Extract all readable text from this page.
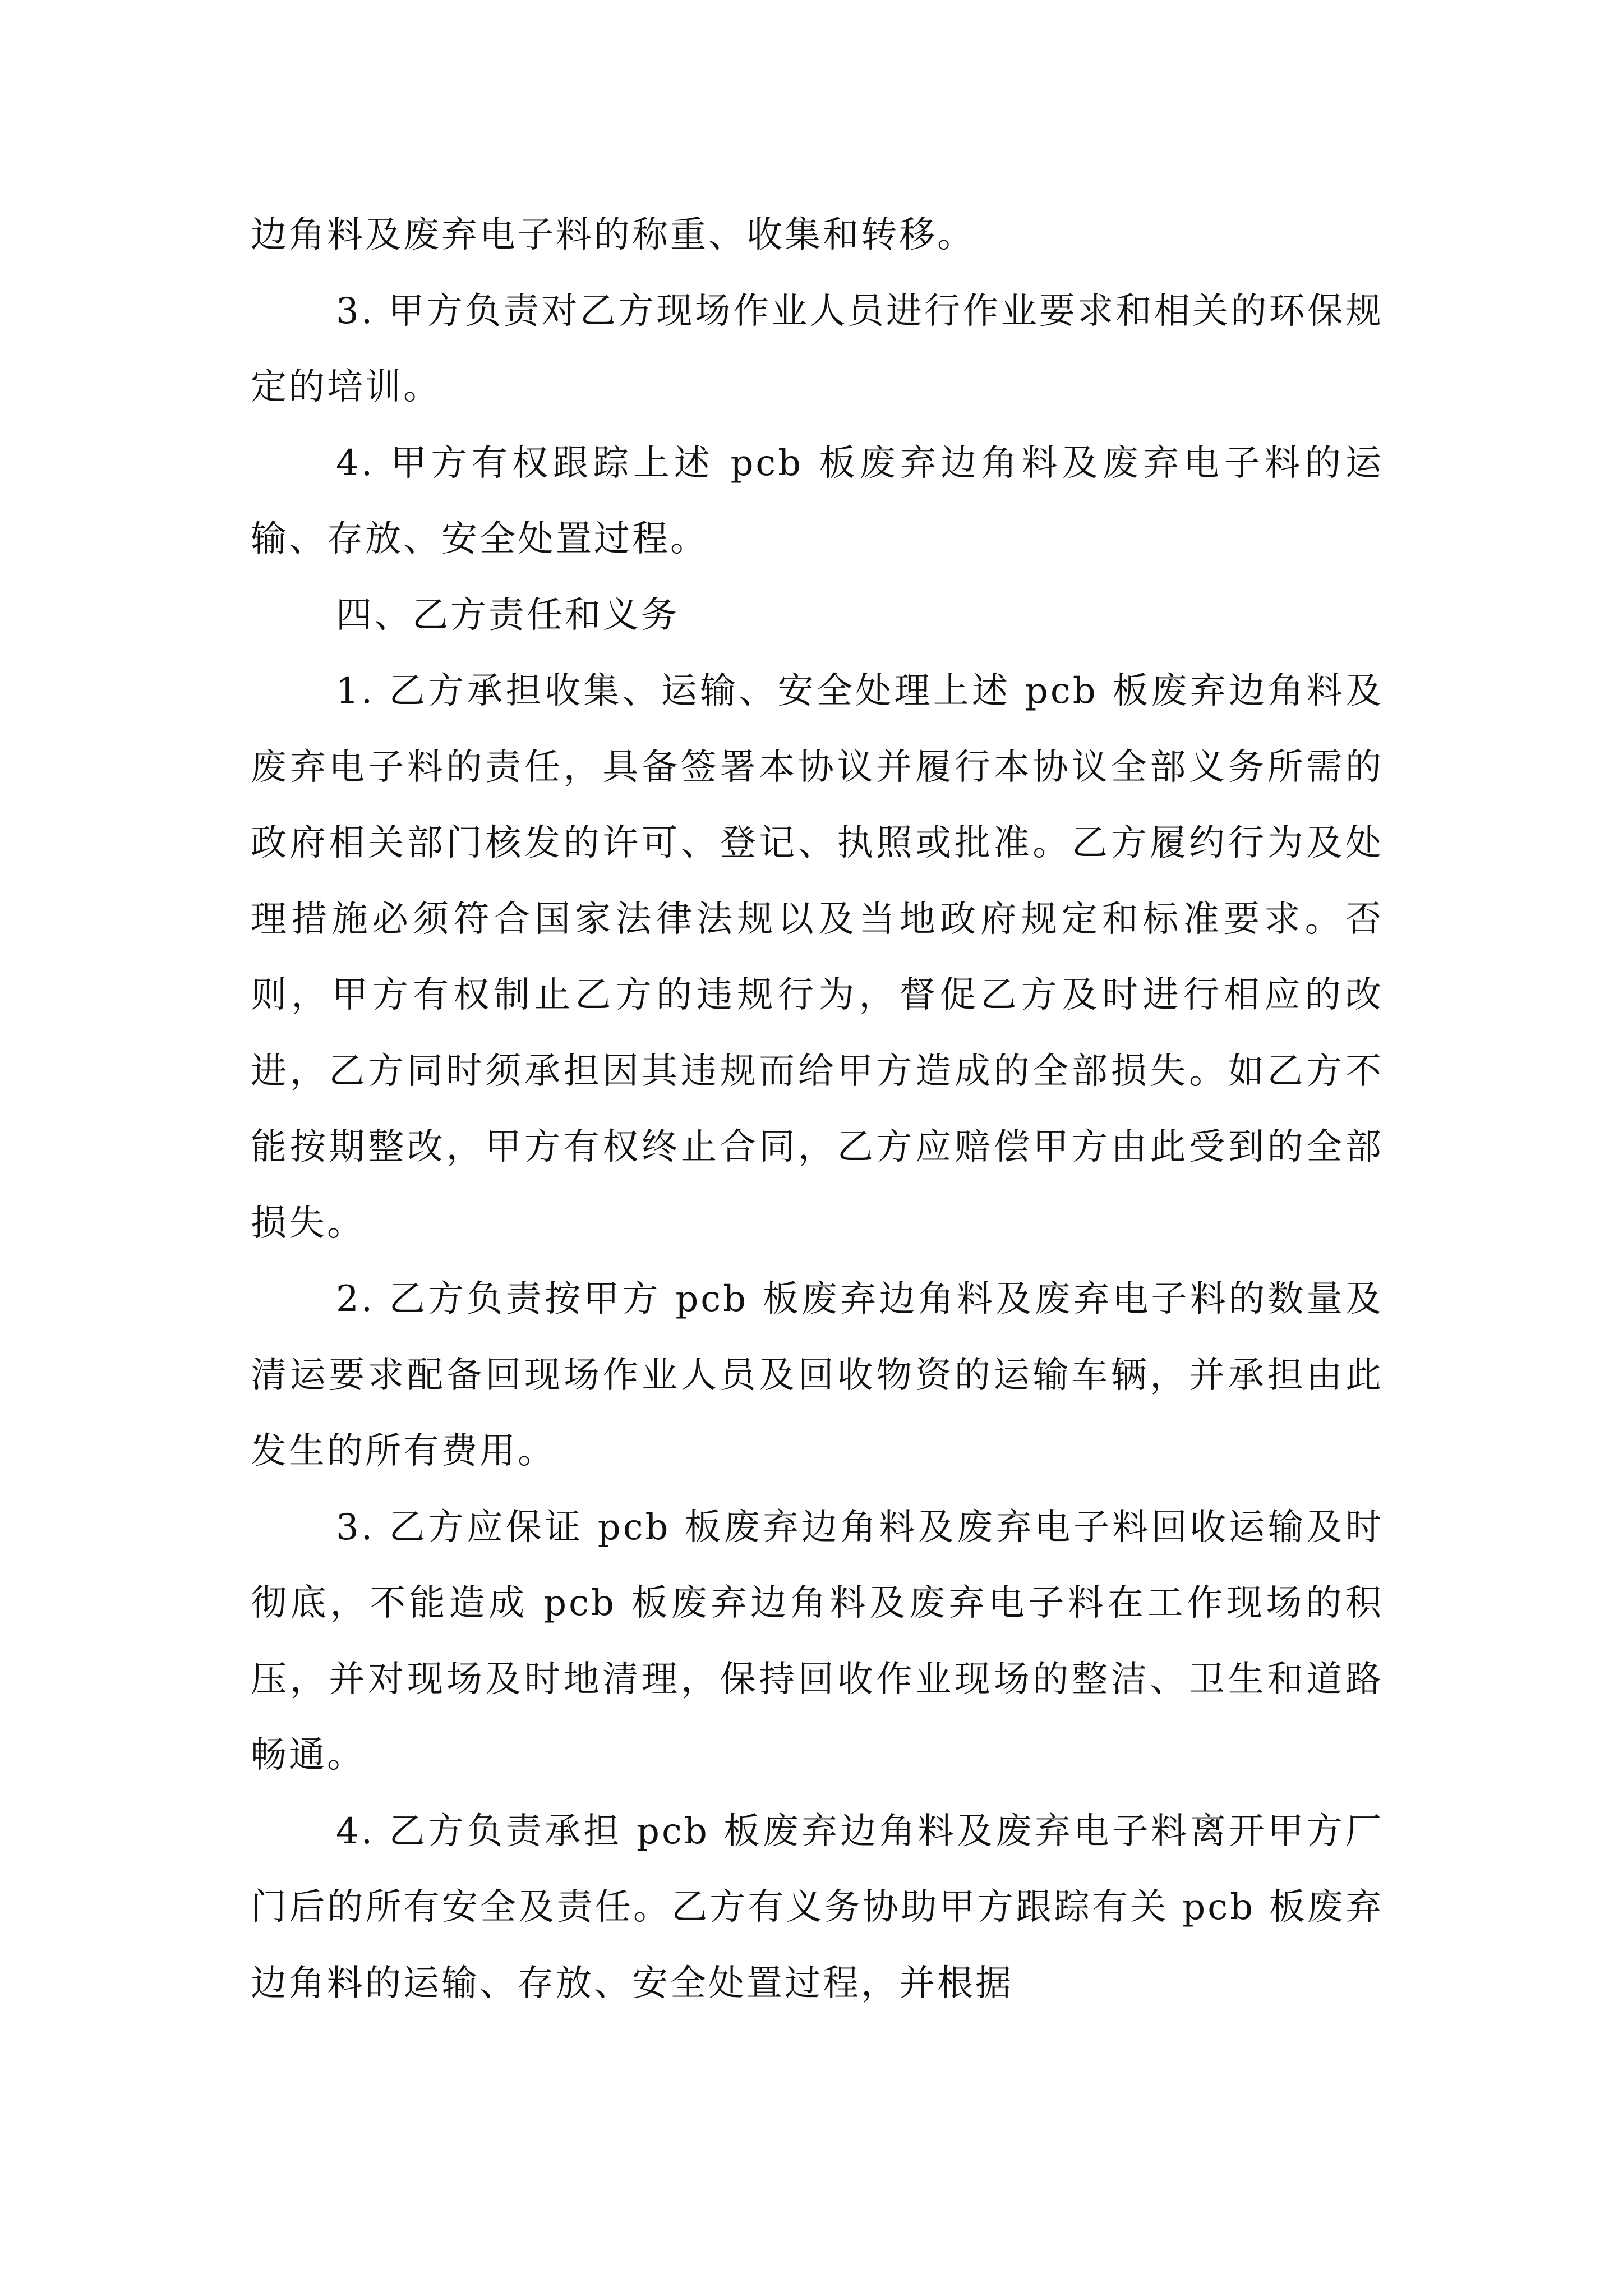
边角料及废弃电子料的称重、收集和转移。

3. 甲方负责对乙方现场作业人员进行作业要求和相关的环保规定的培训。

4. 甲方有权跟踪上述 pcb 板废弃边角料及废弃电子料的运输、存放、安全处置过程。

四、乙方责任和义务

1. 乙方承担收集、运输、安全处理上述 pcb 板废弃边角料及废弃电子料的责任，具备签署本协议并履行本协议全部义务所需的政府相关部门核发的许可、登记、执照或批准。乙方履约行为及处理措施必须符合国家法律法规以及当地政府规定和标准要求。否则，甲方有权制止乙方的违规行为，督促乙方及时进行相应的改进，乙方同时须承担因其违规而给甲方造成的全部损失。如乙方不能按期整改，甲方有权终止合同，乙方应赔偿甲方由此受到的全部损失。

2. 乙方负责按甲方 pcb 板废弃边角料及废弃电子料的数量及清运要求配备回现场作业人员及回收物资的运输车辆，并承担由此发生的所有费用。

3. 乙方应保证 pcb 板废弃边角料及废弃电子料回收运输及时彻底，不能造成 pcb 板废弃边角料及废弃电子料在工作现场的积压，并对现场及时地清理，保持回收作业现场的整洁、卫生和道路畅通。

4. 乙方负责承担 pcb 板废弃边角料及废弃电子料离开甲方厂门后的所有安全及责任。乙方有义务协助甲方跟踪有关 pcb 板废弃边角料的运输、存放、安全处置过程，并根据
